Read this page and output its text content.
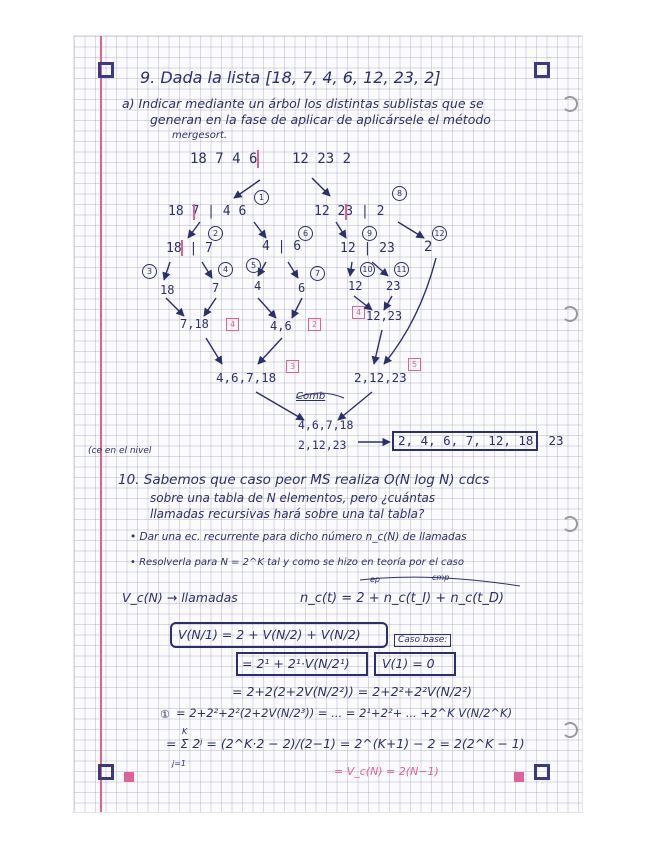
9. Dada la lista [18, 7, 4, 6, 12, 23, 2]
a) Indicar mediante un árbol los distintas sublistas que se
generan en la fase de aplicar de aplicársele el método
mergesort.
18 7 4 6 12 23 2
18 7 | 4 6	12 23 | 2
18 | 7	4 | 6	12 | 23 2
18	7	4	6	12 23
7,18	4,6
12,23
4,6,7,18	2,12,23
Comb
4,6,7,18
2,12,23	2, 4, 6, 7, 12, 18, 23
(ce en el nivel
1
2
3	4	5
6
7
8
9
10	11
12
4	2
4
3	5
10. Sabemos que caso peor MS realiza O(N log N) cdcs
sobre una tabla de N elementos, pero ¿cuántas
llamadas recursivas hará sobre una tal tabla?
• Dar una ec. recurrente para dicho número n_c(N) de llamadas
• Resolverla para N = 2^K tal y como se hizo en teoría por el caso
ep	cmp
V_c(N) → llamadas	n_c(t) = 2 + n_c(t_I) + n_c(t_D)
V(N/1) = 2 + V(N/2) + V(N/2)	Caso base:
= 2¹ + 2¹·V(N/2¹)	V(1) = 0
= 2+2(2+2V(N/2²)) = 2+2²+2²V(N/2²)
① = 2+2²+2²(2+2V(N/2³)) = ... = 2¹+2²+ ... +2^K V(N/2^K)
K
j=1
= Σ 2ʲ = (2^K·2 − 2)/(2−1) = 2^(K+1) − 2 = 2(2^K − 1)
= V_c(N) = 2(N−1)
